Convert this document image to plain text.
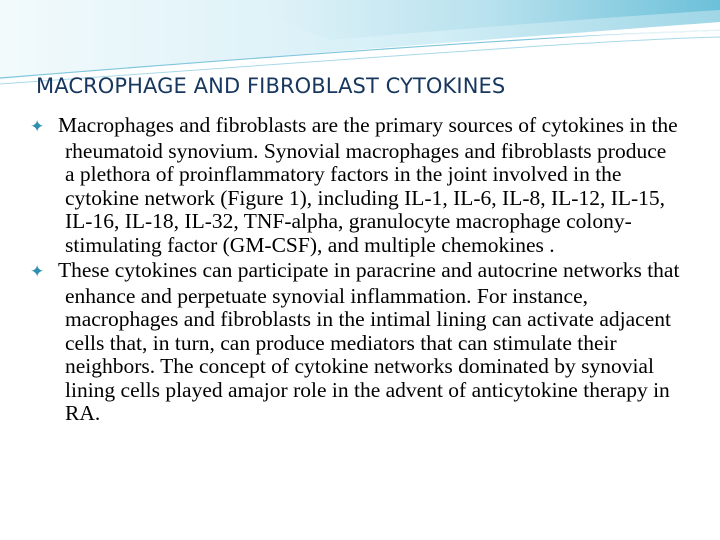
MACROPHAGE AND FIBROBLAST CYTOKINES

✦ Macrophages and fibroblasts are the primary sources of cytokines in the rheumatoid synovium. Synovial macrophages and fibroblasts produce a plethora of proinflammatory factors in the joint involved in the cytokine network (Figure 1), including IL-1, IL-6, IL-8, IL-12, IL-15, IL-16, IL-18, IL-32, TNF-alpha, granulocyte macrophage colony-stimulating factor (GM-CSF), and multiple chemokines .

✦ These cytokines can participate in paracrine and autocrine networks that enhance and perpetuate synovial inflammation. For instance, macrophages and fibroblasts in the intimal lining can activate adjacent cells that, in turn, can produce mediators that can stimulate their neighbors. The concept of cytokine networks dominated by synovial lining cells played amajor role in the advent of anticytokine therapy in RA.
